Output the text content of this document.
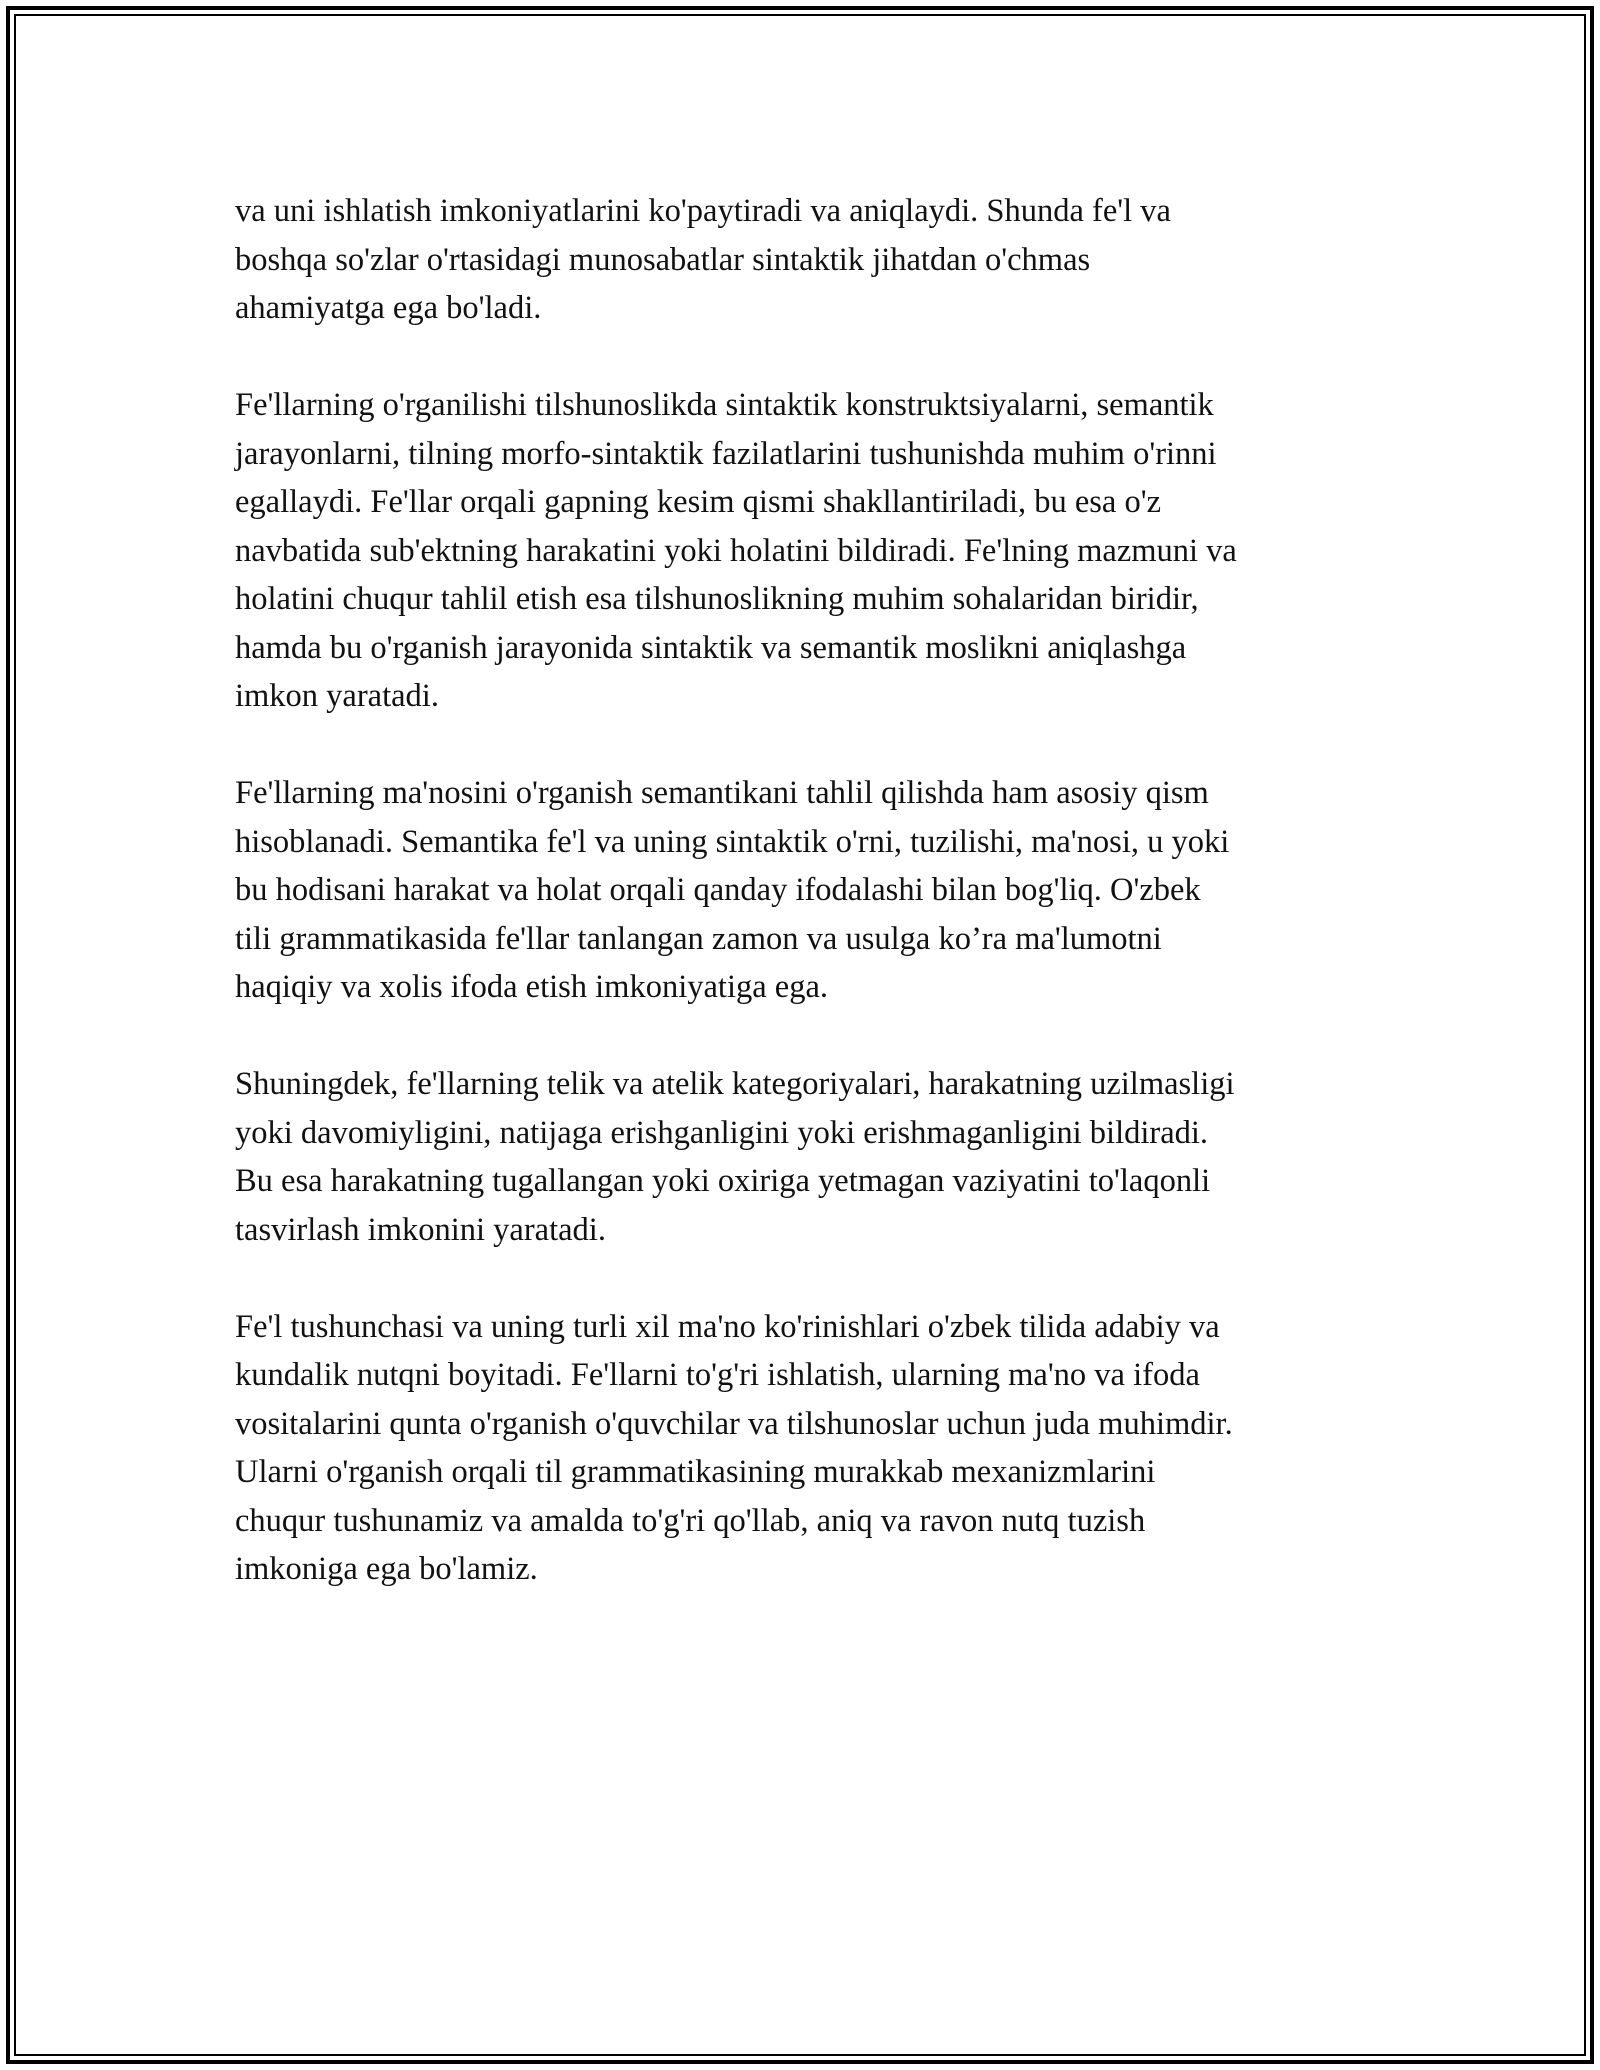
va uni ishlatish imkoniyatlarini ko'paytiradi va aniqlaydi. Shunda fe'l va
boshqa so'zlar o'rtasidagi munosabatlar sintaktik jihatdan o'chmas
ahamiyatga ega bo'ladi.

Fe'llarning o'rganilishi tilshunoslikda sintaktik konstruktsiyalarni, semantik
jarayonlarni, tilning morfo-sintaktik fazilatlarini tushunishda muhim o'rinni
egallaydi. Fe'llar orqali gapning kesim qismi shakllantiriladi, bu esa o'z
navbatida sub'ektning harakatini yoki holatini bildiradi. Fe'lning mazmuni va
holatini chuqur tahlil etish esa tilshunoslikning muhim sohalaridan biridir,
hamda bu o'rganish jarayonida sintaktik va semantik moslikni aniqlashga
imkon yaratadi.

Fe'llarning ma'nosini o'rganish semantikani tahlil qilishda ham asosiy qism
hisoblanadi. Semantika fe'l va uning sintaktik o'rni, tuzilishi, ma'nosi, u yoki
bu hodisani harakat va holat orqali qanday ifodalashi bilan bog'liq. O'zbek
tili grammatikasida fe'llar tanlangan zamon va usulga ko’ra ma'lumotni
haqiqiy va xolis ifoda etish imkoniyatiga ega.

Shuningdek, fe'llarning telik va atelik kategoriyalari, harakatning uzilmasligi
yoki davomiyligini, natijaga erishganligini yoki erishmaganligini bildiradi.
Bu esa harakatning tugallangan yoki oxiriga yetmagan vaziyatini to'laqonli
tasvirlash imkonini yaratadi.

Fe'l tushunchasi va uning turli xil ma'no ko'rinishlari o'zbek tilida adabiy va
kundalik nutqni boyitadi. Fe'llarni to'g'ri ishlatish, ularning ma'no va ifoda
vositalarini qunta o'rganish o'quvchilar va tilshunoslar uchun juda muhimdir.
Ularni o'rganish orqali til grammatikasining murakkab mexanizmlarini
chuqur tushunamiz va amalda to'g'ri qo'llab, aniq va ravon nutq tuzish
imkoniga ega bo'lamiz.
